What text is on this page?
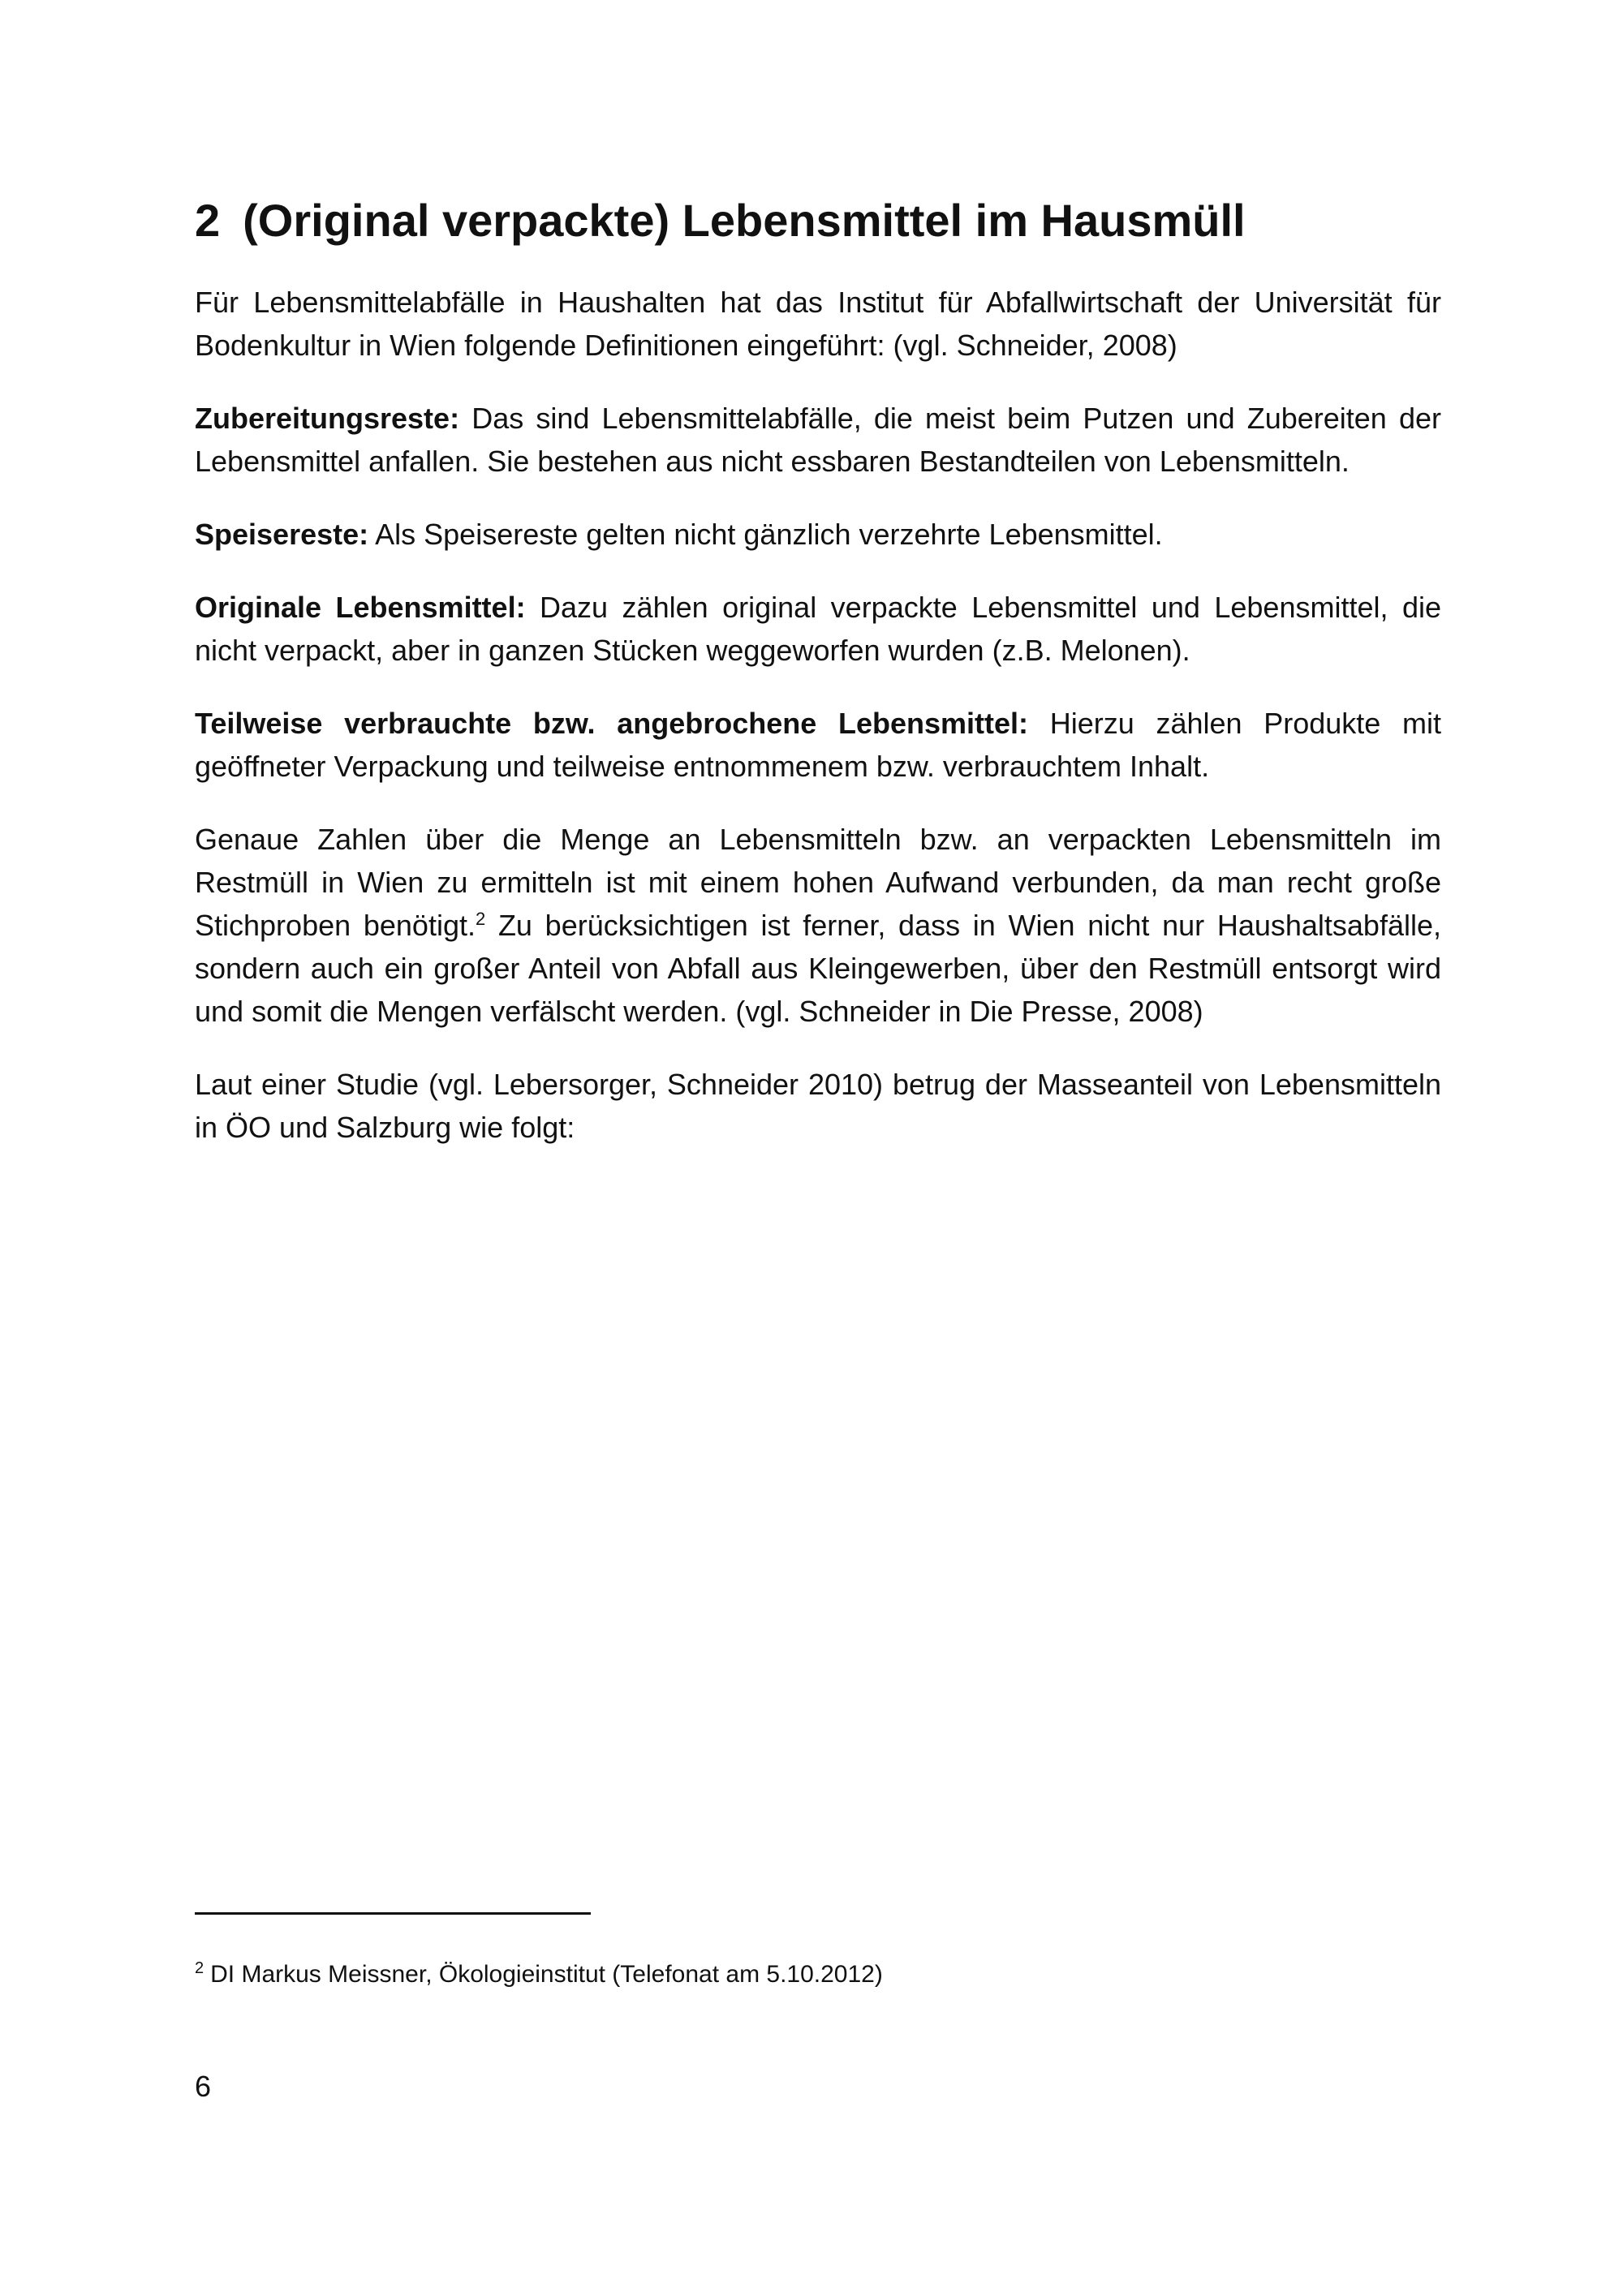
2 (Original verpackte) Lebensmittel im Hausmüll

Für Lebensmittelabfälle in Haushalten hat das Institut für Abfallwirtschaft der Universität für Bodenkultur in Wien folgende Definitionen eingeführt: (vgl. Schneider, 2008)

Zubereitungsreste: Das sind Lebensmittelabfälle, die meist beim Putzen und Zubereiten der Lebensmittel anfallen. Sie bestehen aus nicht essbaren Bestandteilen von Lebensmitteln.

Speisereste: Als Speisereste gelten nicht gänzlich verzehrte Lebensmittel.

Originale Lebensmittel: Dazu zählen original verpackte Lebensmittel und Lebensmittel, die nicht verpackt, aber in ganzen Stücken weggeworfen wurden (z.B. Melonen).

Teilweise verbrauchte bzw. angebrochene Lebensmittel: Hierzu zählen Produkte mit geöffneter Verpackung und teilweise entnommenem bzw. verbrauchtem Inhalt.

Genaue Zahlen über die Menge an Lebensmitteln bzw. an verpackten Lebensmitteln im Restmüll in Wien zu ermitteln ist mit einem hohen Aufwand verbunden, da man recht große Stichproben benötigt.$^2$ Zu berücksichtigen ist ferner, dass in Wien nicht nur Haushaltsabfälle, sondern auch ein großer Anteil von Abfall aus Kleingewerben, über den Restmüll entsorgt wird und somit die Mengen verfälscht werden. (vgl. Schneider in Die Presse, 2008)

Laut einer Studie (vgl. Lebersorger, Schneider 2010) betrug der Masseanteil von Lebensmitteln in ÖO und Salzburg wie folgt:

$^2$ DI Markus Meissner, Ökologieinstitut (Telefonat am 5.10.2012)
6
